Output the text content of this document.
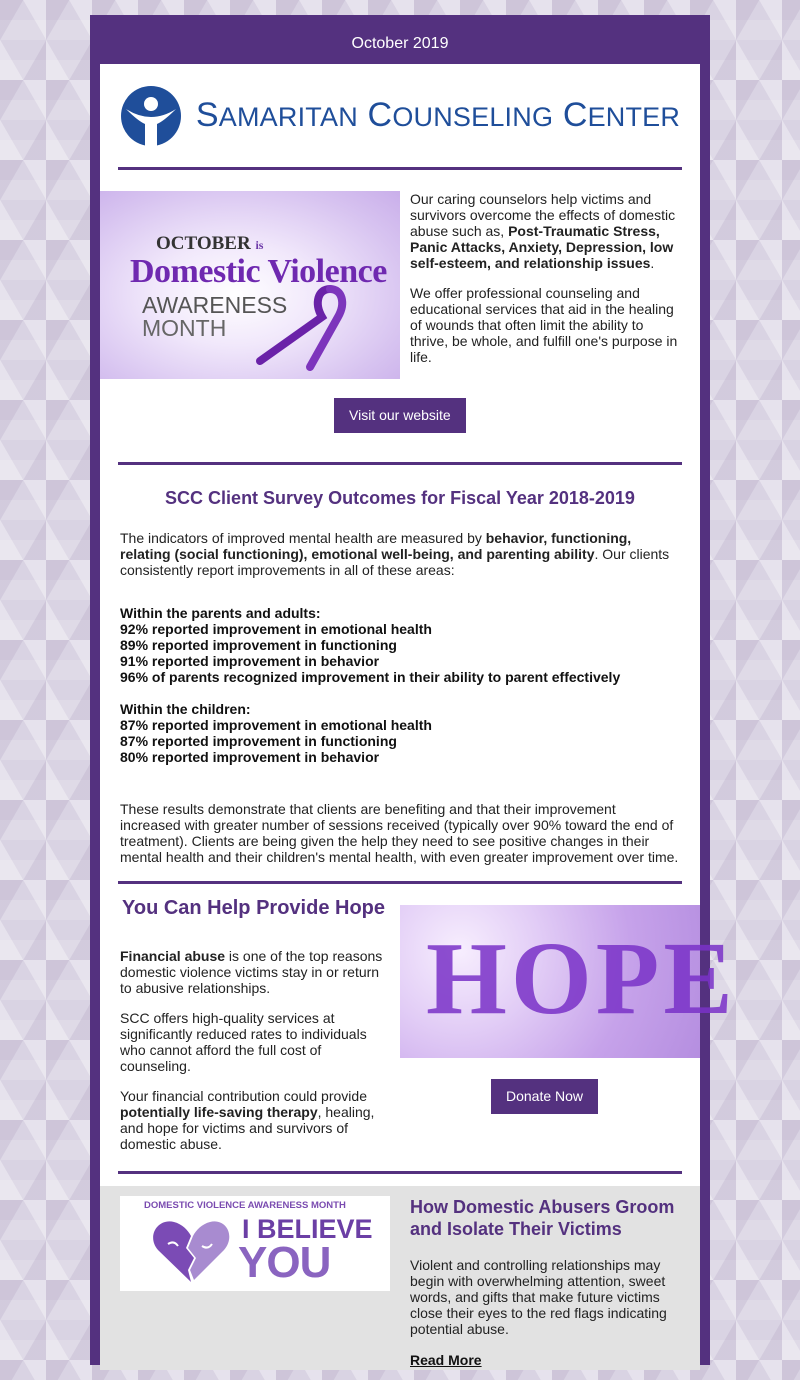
October 2019
SAMARITAN COUNSELING CENTER
OCTOBER is
Domestic Violence
AWARENESS
MONTH

Our caring counselors help victims and survivors overcome the effects of domestic abuse such as, Post-Traumatic Stress, Panic Attacks, Anxiety, Depression, low self-esteem, and relationship issues.

We offer professional counseling and educational services that aid in the healing of wounds that often limit the ability to thrive, be whole, and fulfill one's purpose in life.

Visit our website
SCC Client Survey Outcomes for Fiscal Year 2018-2019

The indicators of improved mental health are measured by behavior, functioning, relating (social functioning), emotional well-being, and parenting ability. Our clients consistently report improvements in all of these areas:

Within the parents and adults:
92% reported improvement in emotional health
89% reported improvement in functioning
91% reported improvement in behavior
96% of parents recognized improvement in their ability to parent effectively
Within the children:
87% reported improvement in emotional health
87% reported improvement in functioning
80% reported improvement in behavior

These results demonstrate that clients are benefiting and that their improvement increased with greater number of sessions received (typically over 90% toward the end of treatment). Clients are being given the help they need to see positive changes in their mental health and their children's mental health, with even greater improvement over time.

You Can Help Provide Hope

Financial abuse is one of the top reasons domestic violence victims stay in or return to abusive relationships.

SCC offers high-quality services at significantly reduced rates to individuals who cannot afford the full cost of counseling.

Your financial contribution could provide potentially life-saving therapy, healing, and hope for victims and survivors of domestic abuse.

HOPE
Donate Now
DOMESTIC VIOLENCE AWARENESS MONTH
I BELIEVE
YOU
How Domestic Abusers Groom and Isolate Their Victims

Violent and controlling relationships may begin with overwhelming attention, sweet words, and gifts that make future victims close their eyes to the red flags indicating potential abuse.

Read More
